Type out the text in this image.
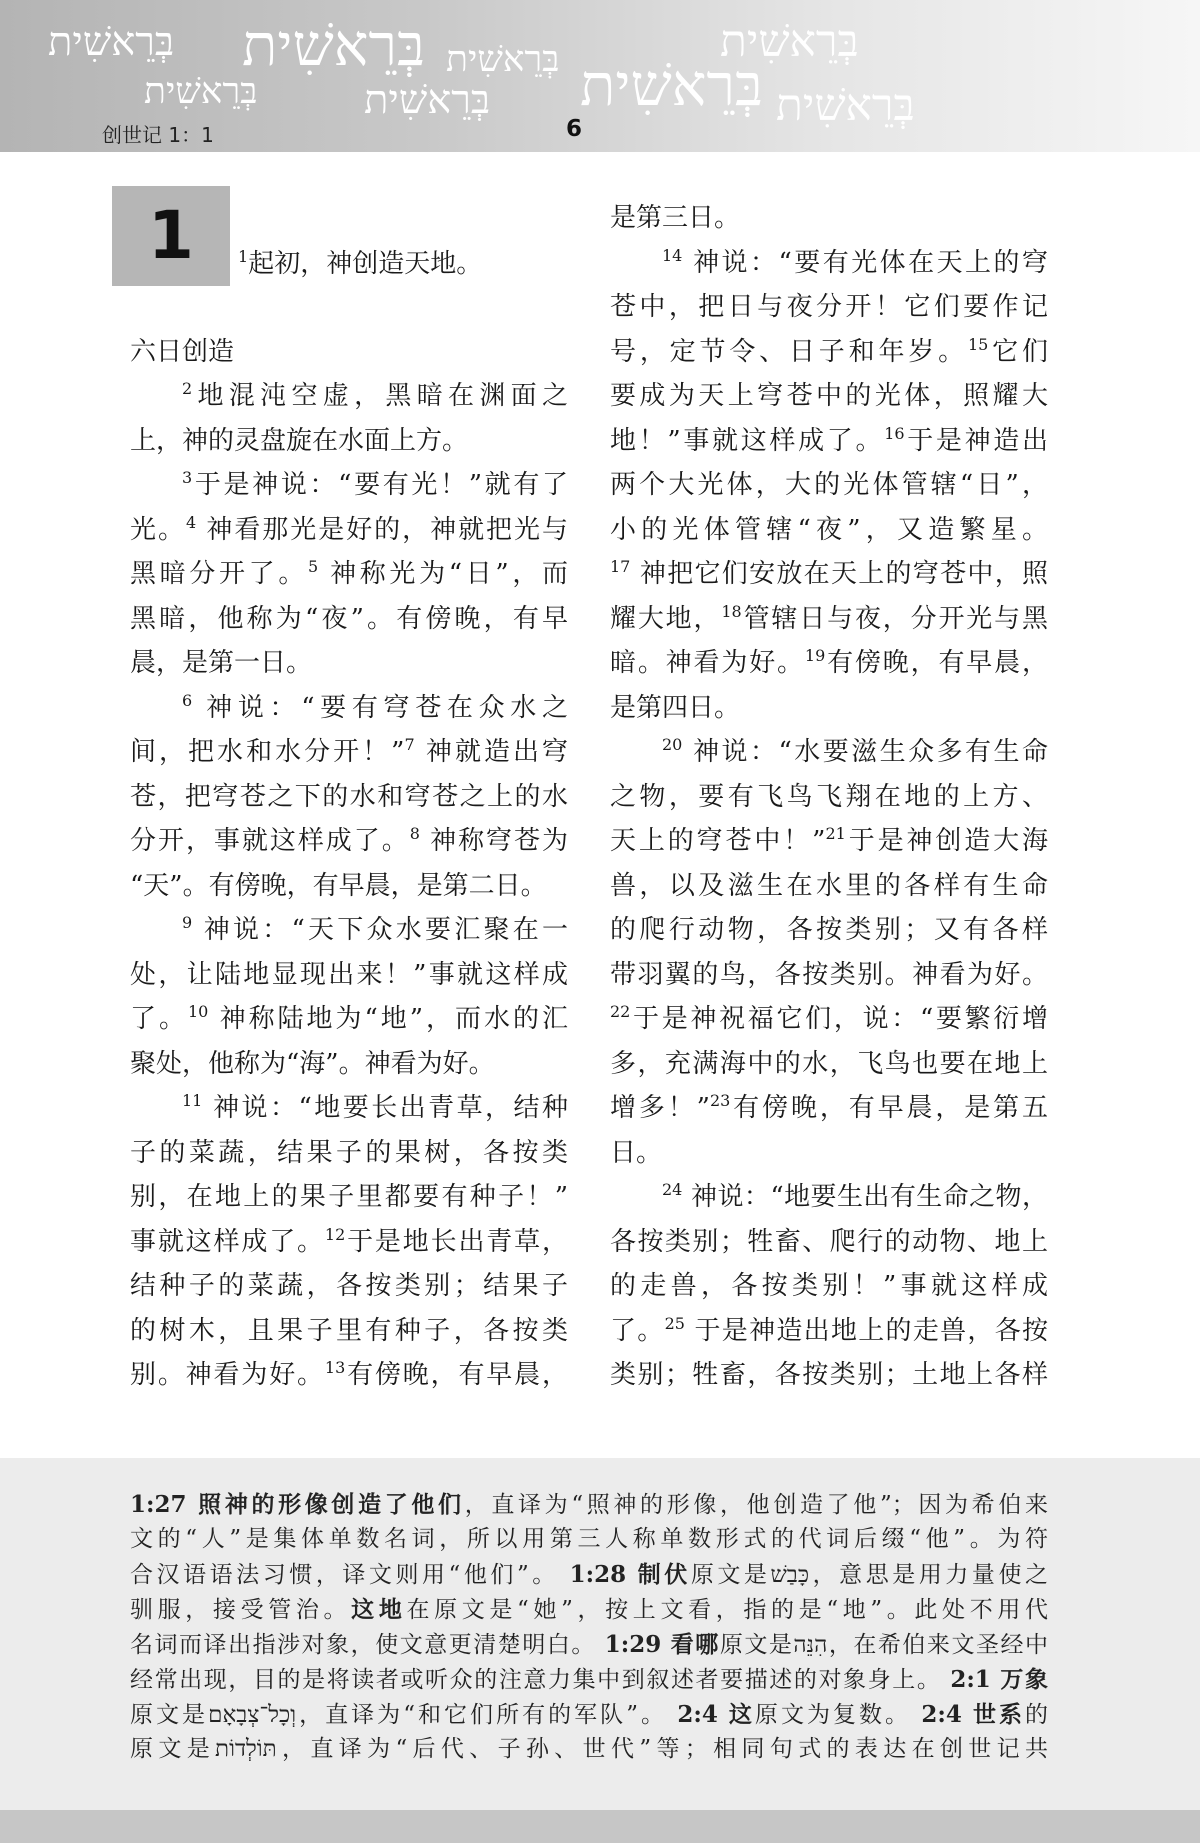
בְּרֵאשִׁית בְּרֵאשִׁית בְּרֵאשִׁית	בְּרֵאשִׁית
בְּרֵאשִׁית	בְּרֵאשִׁית בְּרֵאשִׁית בְּרֵאשִׁית
创世记 1：1	6
1	$^1$起初，神创造天地。
六日创造
$^2$地混沌空虚，黑暗在渊面之
上，神的灵盘旋在水面上方。
$^3$于是神说：“要有光！”就有了
光。$^4$ 神看那光是好的，神就把光与
黑暗分开了。$^5$ 神称光为“日”，而
黑暗，他称为“夜”。有傍晚，有早
晨，是第一日。
$^6$ 神说：“要有穹苍在众水之
间，把水和水分开！”$^7$ 神就造出穹
苍，把穹苍之下的水和穹苍之上的水
分开，事就这样成了。$^8$ 神称穹苍为
“天”。有傍晚，有早晨，是第二日。
$^9$ 神说：“天下众水要汇聚在一
处，让陆地显现出来！”事就这样成
了。$^{10}$ 神称陆地为“地”，而水的汇
聚处，他称为“海”。神看为好。
$^{11}$ 神说：“地要长出青草，结种
子的菜蔬，结果子的果树，各按类
别，在地上的果子里都要有种子！”
事就这样成了。$^{12}$于是地长出青草，
结种子的菜蔬，各按类别；结果子
的树木，且果子里有种子，各按类
别。神看为好。$^{13}$有傍晚，有早晨，
是第三日。
$^{14}$ 神说：“要有光体在天上的穹
苍中，把日与夜分开！它们要作记
号，定节令、日子和年岁。$^{15}$它们
要成为天上穹苍中的光体，照耀大
地！”事就这样成了。$^{16}$于是神造出
两个大光体，大的光体管辖“日”，
小的光体管辖“夜”，又造繁星。
$^{17}$ 神把它们安放在天上的穹苍中，照
耀大地，$^{18}$管辖日与夜，分开光与黑
暗。神看为好。$^{19}$有傍晚，有早晨，
是第四日。
$^{20}$ 神说：“水要滋生众多有生命
之物，要有飞鸟飞翔在地的上方、
天上的穹苍中！”$^{21}$于是神创造大海
兽，以及滋生在水里的各样有生命
的爬行动物，各按类别；又有各样
带羽翼的鸟，各按类别。神看为好。
$^{22}$于是神祝福它们，说：“要繁衍增
多，充满海中的水，飞鸟也要在地上
增多！”$^{23}$有傍晚，有早晨，是第五
日。
$^{24}$ 神说：“地要生出有生命之物，
各按类别；牲畜、爬行的动物、地上
的走兽，各按类别！”事就这样成
了。$^{25}$ 于是神造出地上的走兽，各按
类别；牲畜，各按类别；土地上各样
1:27 照神的形像创造了他们，直译为“照神的形像，他创造了他”；因为希伯来
文的“人”是集体单数名词，所以用第三人称单数形式的代词后缀“他”。为符
合汉语语法习惯，译文则用“他们”。 1:28 制伏原文是כָּבַשׁ，意思是用力量使之
驯服，接受管治。这地在原文是“她”，按上文看，指的是“地”。此处不用代
名词而译出指涉对象，使文意更清楚明白。 1:29 看哪原文是הִנֵּה，在希伯来文圣经中
经常出现，目的是将读者或听众的注意力集中到叙述者要描述的对象身上。 2:1 万象
原文是וְכָל־צְבָאָם，直译为“和它们所有的军队”。 2:4 这原文为复数。 2:4 世系的
原文是תּוֹלְדוֹת，直译为“后代、子孙、世代”等；相同句式的表达在创世记共
